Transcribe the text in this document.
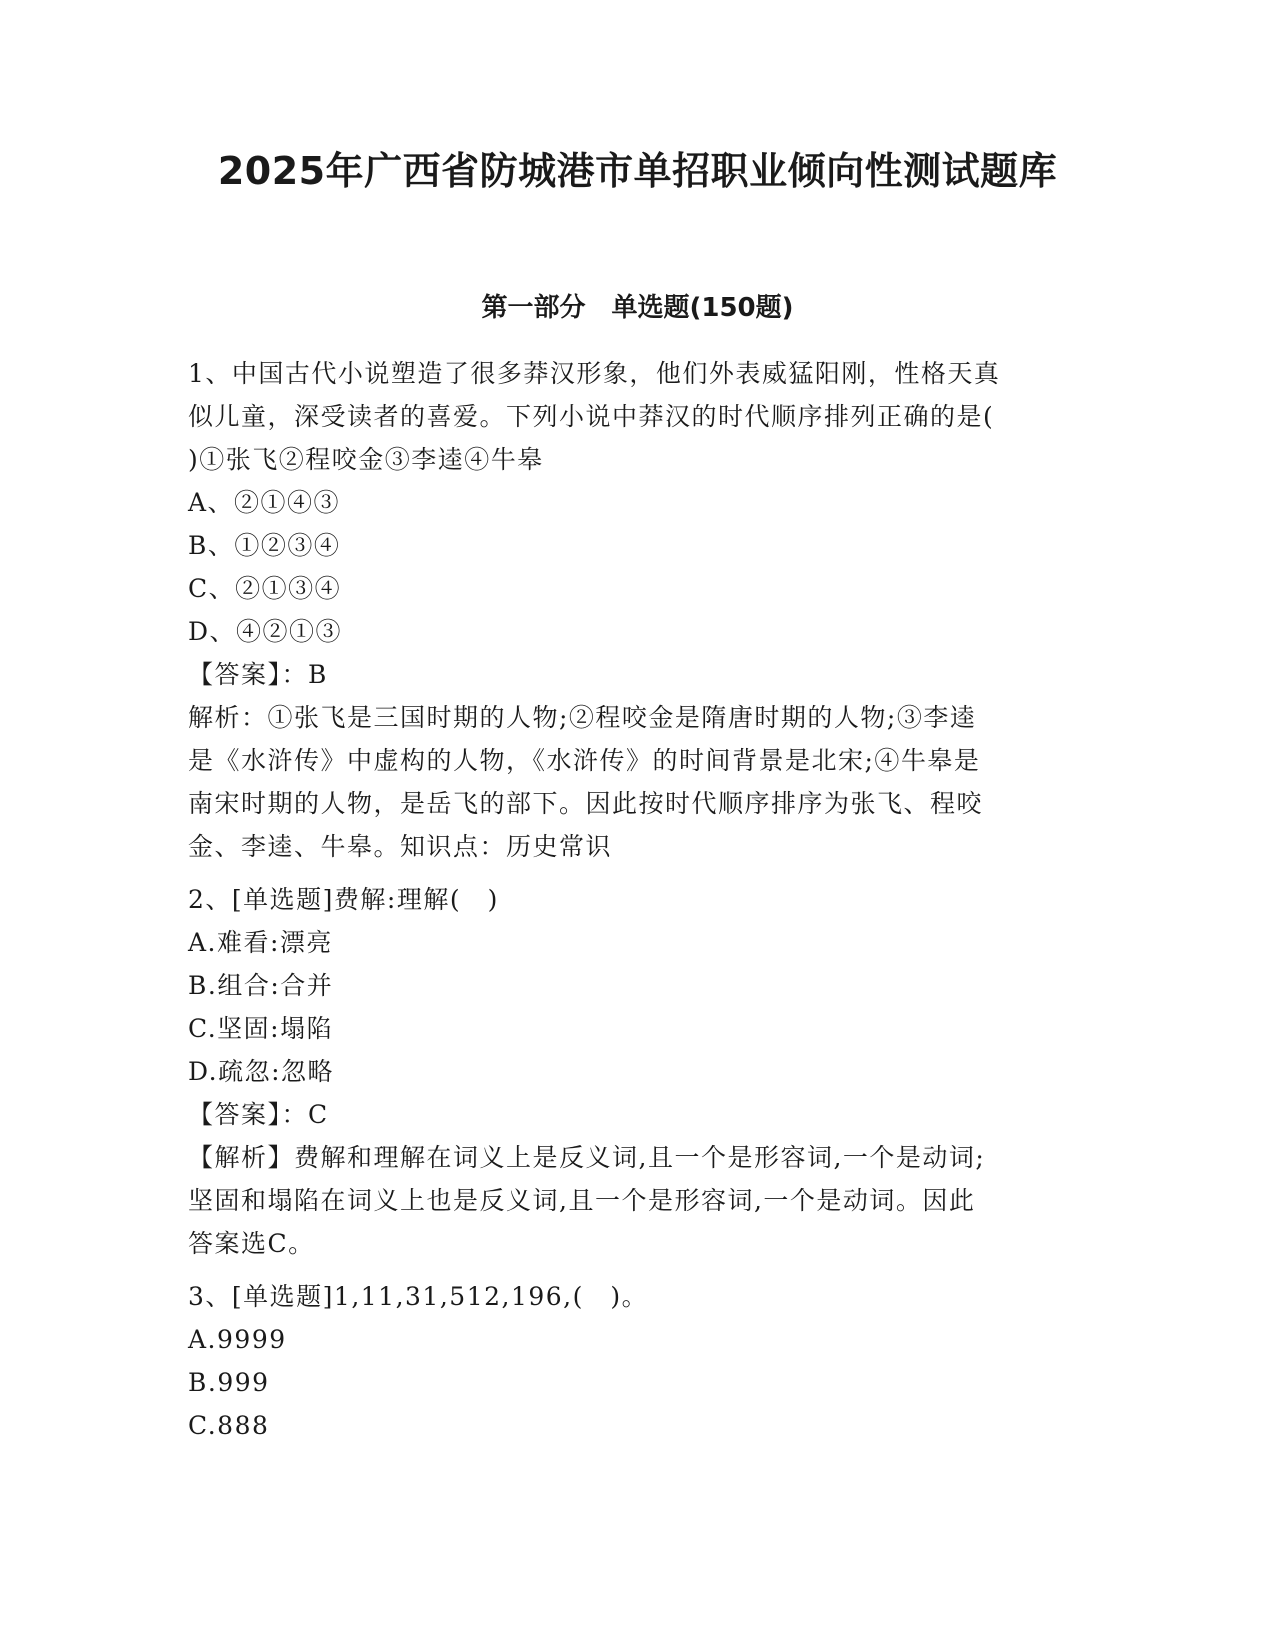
2025年广西省防城港市单招职业倾向性测试题库
第一部分　单选题(150题)
1、中国古代小说塑造了很多莽汉形象，他们外表威猛阳刚，性格天真
似儿童，深受读者的喜爱。下列小说中莽汉的时代顺序排列正确的是(
)①张飞②程咬金③李逵④牛皋
A、②①④③
B、①②③④
C、②①③④
D、④②①③
【答案】：B
解析：①张飞是三国时期的人物;②程咬金是隋唐时期的人物;③李逵
是《水浒传》中虚构的人物，《水浒传》的时间背景是北宋;④牛皋是
南宋时期的人物，是岳飞的部下。因此按时代顺序排序为张飞、程咬
金、李逵、牛皋。知识点：历史常识
2、[单选题]费解:理解(　)
A.难看:漂亮
B.组合:合并
C.坚固:塌陷
D.疏忽:忽略
【答案】：C
【解析】费解和理解在词义上是反义词,且一个是形容词,一个是动词;
坚固和塌陷在词义上也是反义词,且一个是形容词,一个是动词。因此
答案选C。
3、[单选题]1,11,31,512,196,(　)。
A.9999
B.999
C.888
